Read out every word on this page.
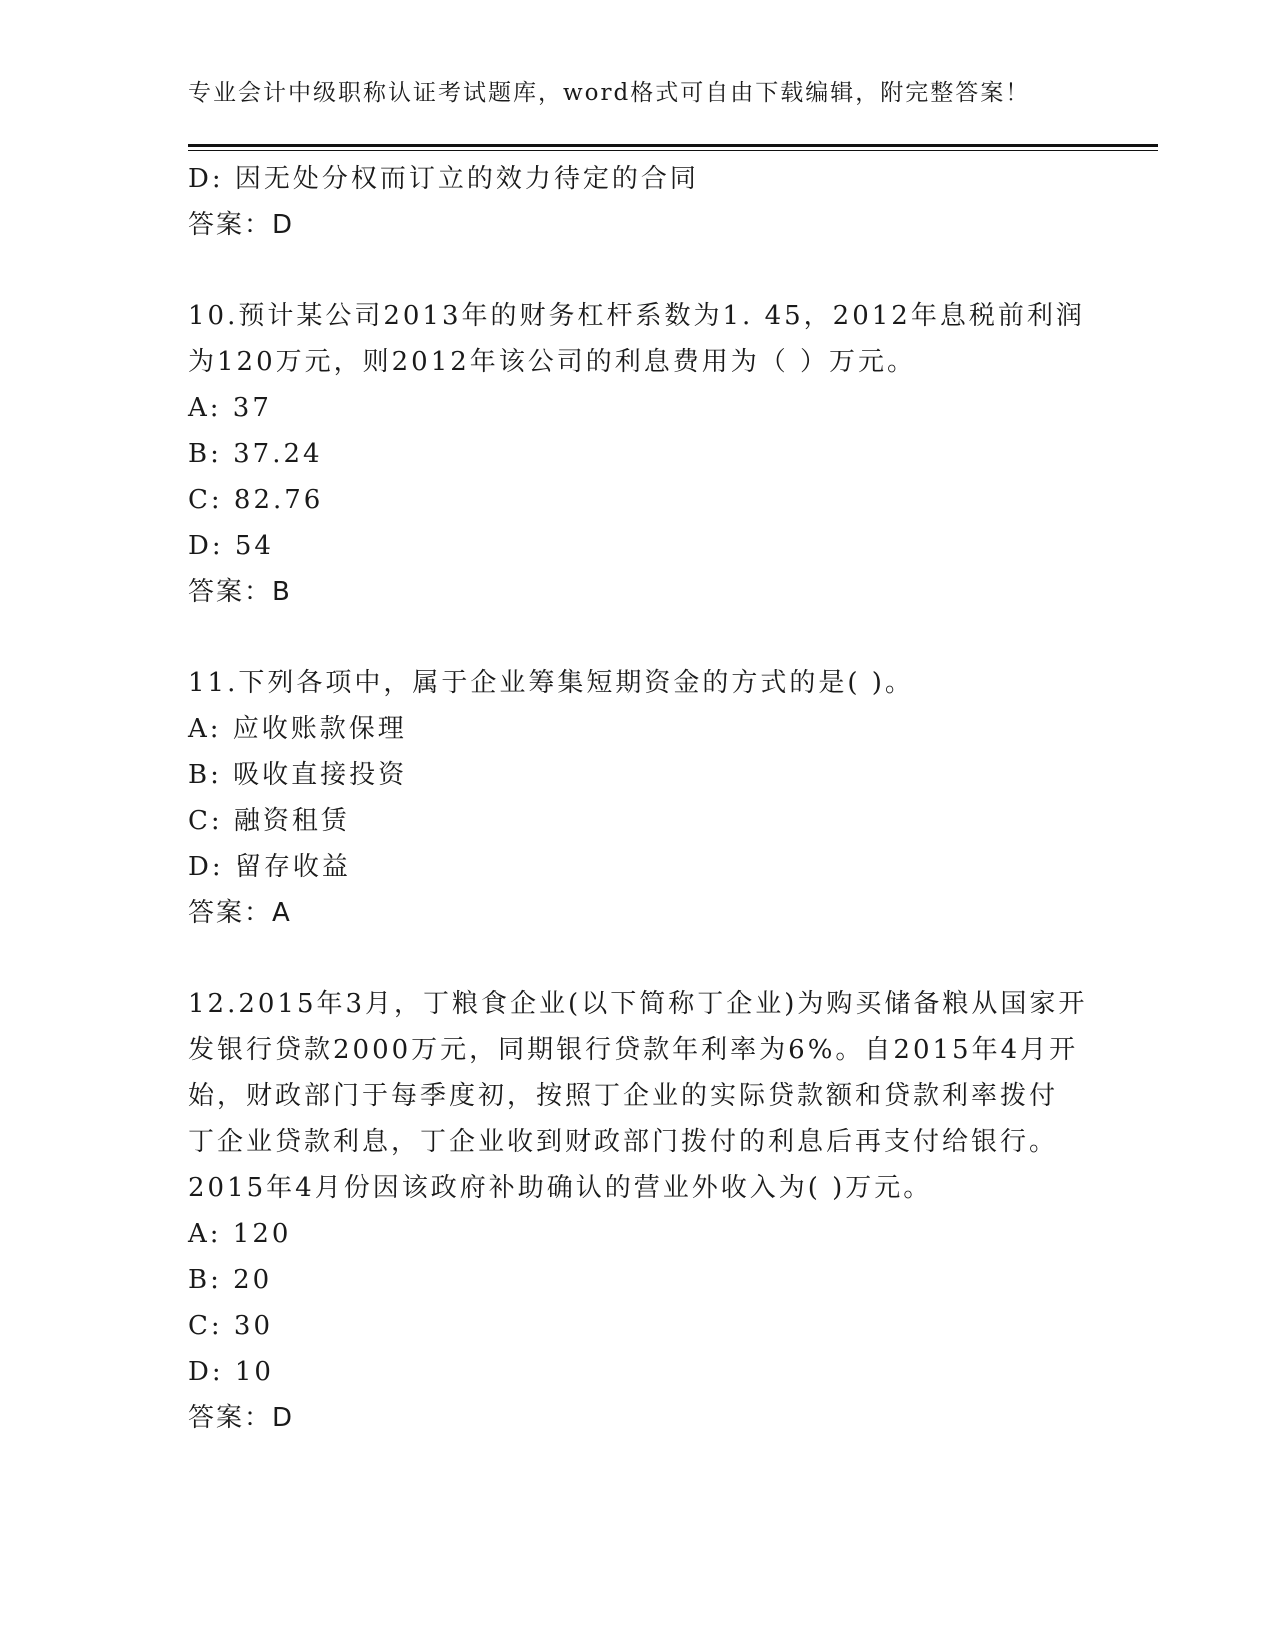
专业会计中级职称认证考试题库，word格式可自由下载编辑，附完整答案！
D: 因无处分权而订立的效力待定的合同
答案：D
10.预计某公司2013年的财务杠杆系数为1. 45，2012年息税前利润
为120万元，则2012年该公司的利息费用为（ ）万元。
A: 37
B: 37.24
C: 82.76
D: 54
答案：B
11.下列各项中，属于企业筹集短期资金的方式的是( )。
A: 应收账款保理
B: 吸收直接投资
C: 融资租赁
D: 留存收益
答案：A
12.2015年3月，丁粮食企业(以下简称丁企业)为购买储备粮从国家开
发银行贷款2000万元，同期银行贷款年利率为6%。自2015年4月开
始，财政部门于每季度初，按照丁企业的实际贷款额和贷款利率拨付
丁企业贷款利息，丁企业收到财政部门拨付的利息后再支付给银行。
2015年4月份因该政府补助确认的营业外收入为( )万元。
A: 120
B: 20
C: 30
D: 10
答案：D
